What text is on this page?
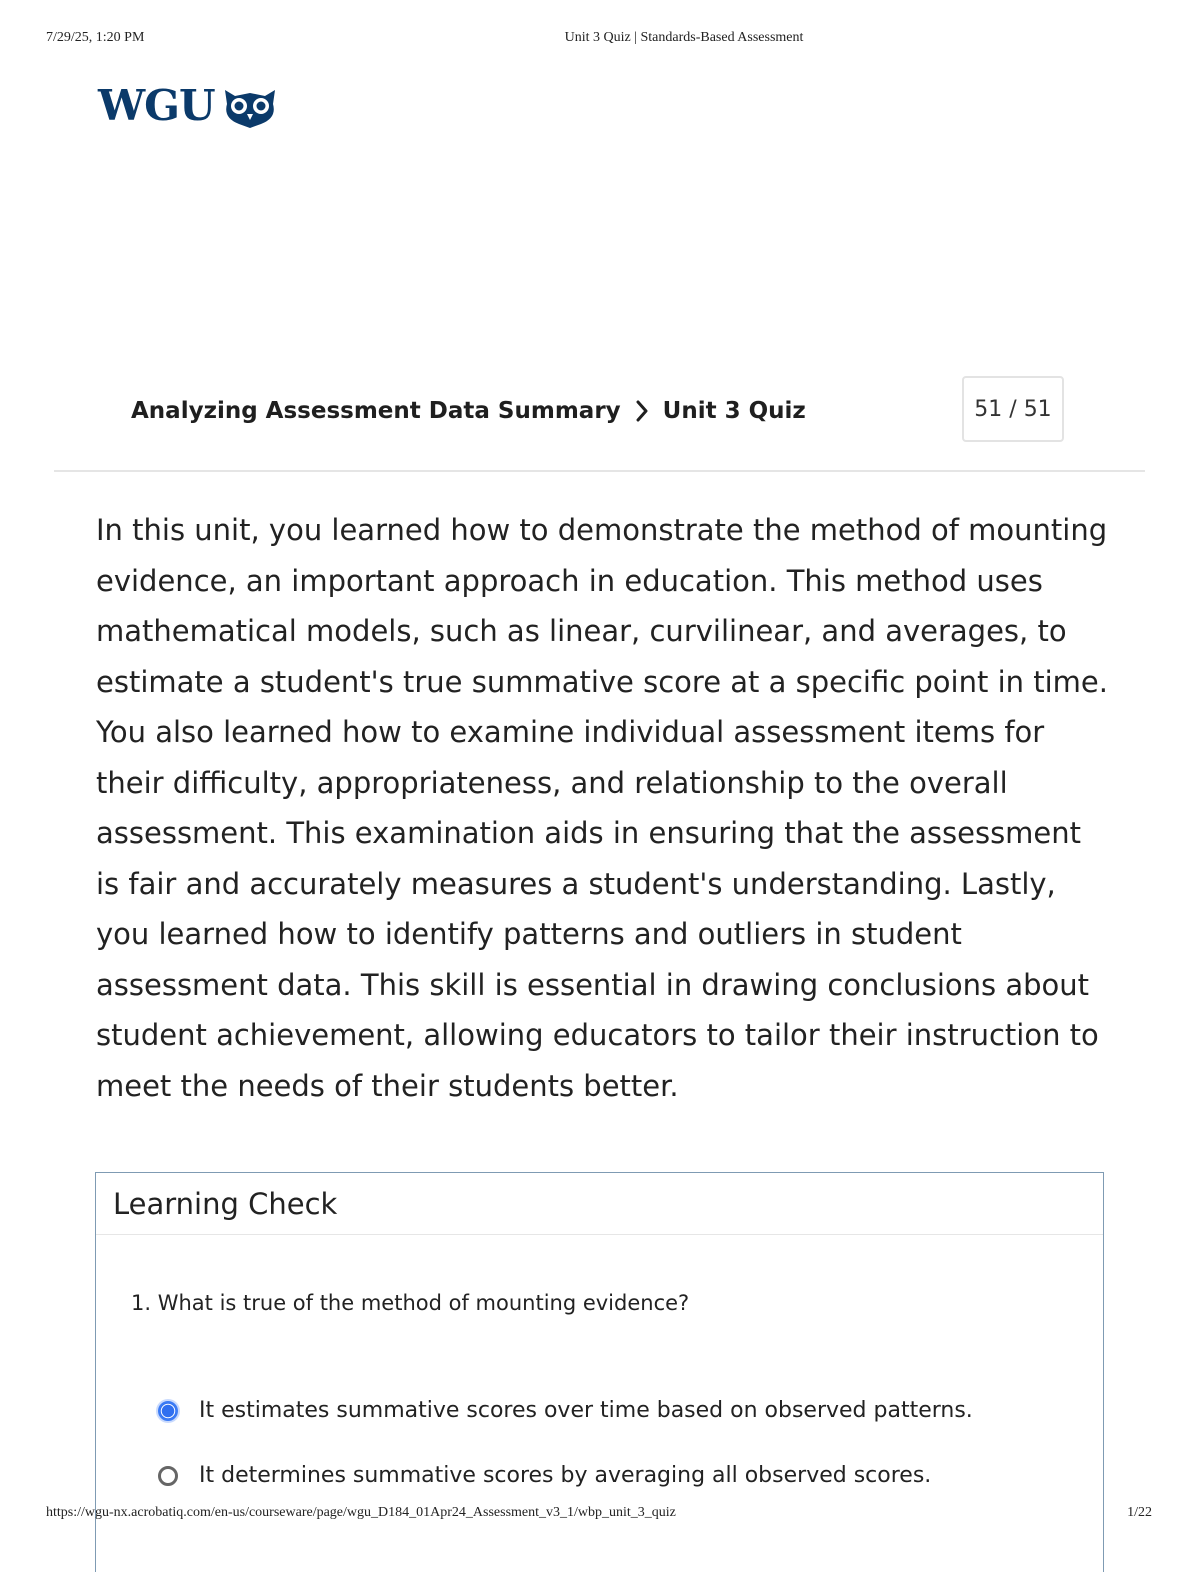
7/29/25, 1:20 PM	Unit 3 Quiz | Standards-Based Assessment
WGU
Analyzing Assessment Data Summary Unit 3 Quiz	51 / 51

In this unit, you learned how to demonstrate the method of mounting evidence, an important approach in education. This method uses mathematical models, such as linear, curvilinear, and averages, to estimate a student's true summative score at a specific point in time. You also learned how to examine individual assessment items for their difficulty, appropriateness, and relationship to the overall assessment. This examination aids in ensuring that the assessment is fair and accurately measures a student's understanding. Lastly, you learned how to identify patterns and outliers in student assessment data. This skill is essential in drawing conclusions about student achievement, allowing educators to tailor their instruction to meet the needs of their students better.

Learning Check
1. What is true of the method of mounting evidence?
It estimates summative scores over time based on observed patterns.
It determines summative scores by averaging all observed scores.
https://wgu-nx.acrobatiq.com/en-us/courseware/page/wgu_D184_01Apr24_Assessment_v3_1/wbp_unit_3_quiz	1/22
